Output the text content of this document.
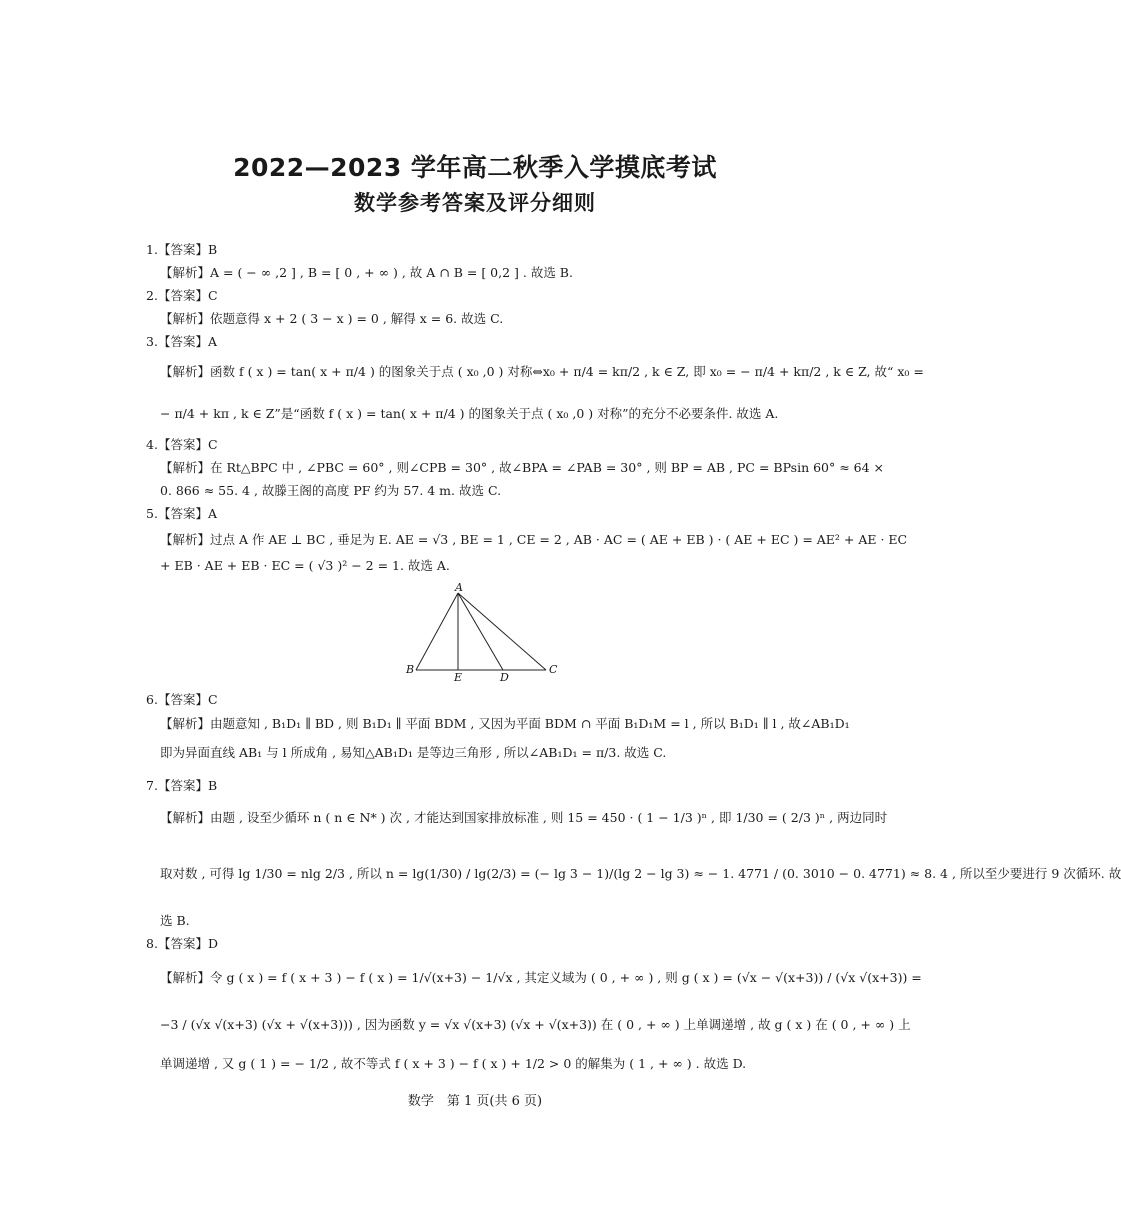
2022—2023 学年高二秋季入学摸底考试
数学参考答案及评分细则
1.【答案】B
【解析】A = ( − ∞ ,2 ] , B = [ 0 , + ∞ ) , 故 A ∩ B = [ 0,2 ] . 故选 B.
2.【答案】C
【解析】依题意得 x + 2 ( 3 − x ) = 0 , 解得 x = 6. 故选 C.
3.【答案】A
【解析】函数 f ( x ) = tan( x + π/4 ) 的图象关于点 ( x₀ ,0 ) 对称⇔x₀ + π/4 = kπ/2 , k ∈ Z, 即 x₀ = − π/4 + kπ/2 , k ∈ Z, 故“ x₀ =
− π/4 + kπ , k ∈ Z”是“函数 f ( x ) = tan( x + π/4 ) 的图象关于点 ( x₀ ,0 ) 对称”的充分不必要条件. 故选 A.
4.【答案】C
【解析】在 Rt△BPC 中 , ∠PBC = 60° , 则∠CPB = 30° , 故∠BPA = ∠PAB = 30° , 则 BP = AB , PC = BPsin 60° ≈ 64 ×
0. 866 ≈ 55. 4 , 故滕王阁的高度 PF 约为 57. 4 m. 故选 C.
5.【答案】A
【解析】过点 A 作 AE ⊥ BC , 垂足为 E. AE = √3 , BE = 1 , CE = 2 , AB · AC = ( AE + EB ) · ( AE + EC ) = AE² + AE · EC
+ EB · AE + EB · EC = ( √3 )² − 2 = 1. 故选 A.
A
B
E	D
C
6.【答案】C
【解析】由题意知 , B₁D₁ ∥ BD , 则 B₁D₁ ∥ 平面 BDM , 又因为平面 BDM ∩ 平面 B₁D₁M = l , 所以 B₁D₁ ∥ l , 故∠AB₁D₁
即为异面直线 AB₁ 与 l 所成角 , 易知△AB₁D₁ 是等边三角形 , 所以∠AB₁D₁ = π/3. 故选 C.
7.【答案】B
【解析】由题 , 设至少循环 n ( n ∈ N* ) 次 , 才能达到国家排放标准 , 则 15 = 450 · ( 1 − 1/3 )ⁿ , 即 1/30 = ( 2/3 )ⁿ , 两边同时
取对数 , 可得 lg 1/30 = nlg 2/3 , 所以 n = lg(1/30) / lg(2/3) = (− lg 3 − 1)/(lg 2 − lg 3) ≈ − 1. 4771 / (0. 3010 − 0. 4771) ≈ 8. 4 , 所以至少要进行 9 次循环. 故
选 B.
8.【答案】D
【解析】令 g ( x ) = f ( x + 3 ) − f ( x ) = 1/√(x+3) − 1/√x , 其定义域为 ( 0 , + ∞ ) , 则 g ( x ) = (√x − √(x+3)) / (√x √(x+3)) =
−3 / (√x √(x+3) (√x + √(x+3))) , 因为函数 y = √x √(x+3) (√x + √(x+3)) 在 ( 0 , + ∞ ) 上单调递增 , 故 g ( x ) 在 ( 0 , + ∞ ) 上
单调递增 , 又 g ( 1 ) = − 1/2 , 故不等式 f ( x + 3 ) − f ( x ) + 1/2 > 0 的解集为 ( 1 , + ∞ ) . 故选 D.
数学　第 1 页(共 6 页)
